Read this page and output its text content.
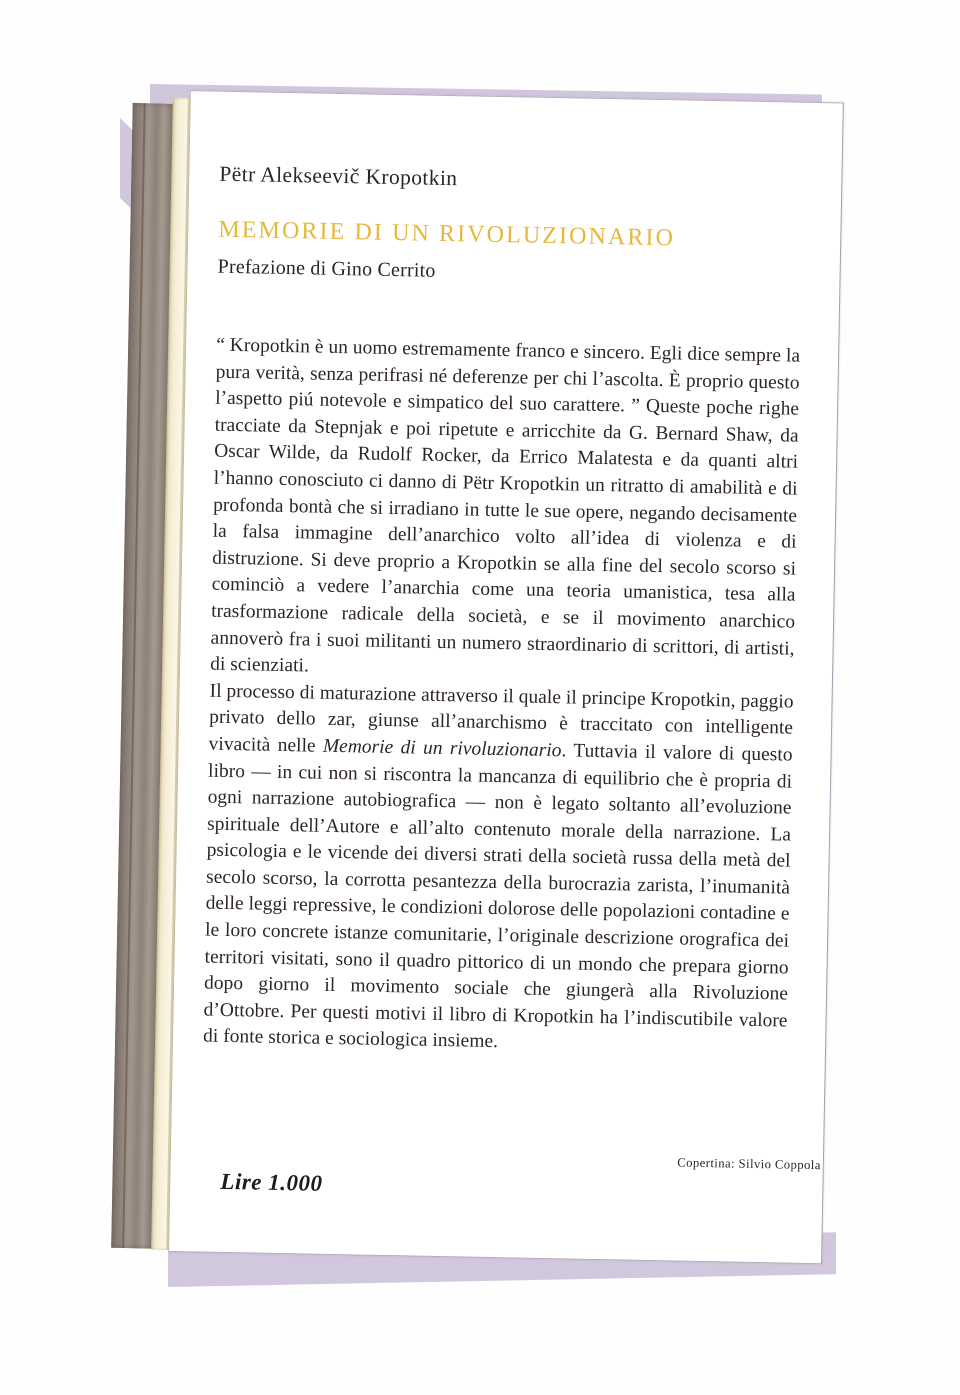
Pëtr Alekseevič Kropotkin
MEMORIE DI UN RIVOLUZIONARIO
Prefazione di Gino Cerrito

“ Kropotkin è un uomo estremamente franco e sincero. Egli dice sempre la pura verità, senza perifrasi né deferenze per chi l’ascolta. È proprio questo l’aspetto piú notevole e simpatico del suo carattere. ” Queste poche righe tracciate da Stepnjak e poi ripetute e arricchite da G. Bernard Shaw, da Oscar Wilde, da Rudolf Rocker, da Errico Malatesta e da quanti altri l’hanno conosciuto ci danno di Pëtr Kropotkin un ritratto di amabilità e di profonda bontà che si irradiano in tutte le sue opere, negando decisamente la falsa immagine dell’anarchico volto all’idea di violenza e di distruzione. Si deve proprio a Kropotkin se alla fine del secolo scorso si cominciò a vedere l’anarchia come una teoria umanistica, tesa alla trasformazione radicale della società, e se il movimento anarchico annoverò fra i suoi militanti un numero straordinario di scrittori, di artisti, di scienziati.

Il processo di maturazione attraverso il quale il principe Kropotkin, paggio privato dello zar, giunse all’anarchismo è traccitato con intelligente vivacità nelle Memorie di un rivoluzionario. Tuttavia il valore di questo libro — in cui non si riscontra la mancanza di equilibrio che è propria di ogni narrazione autobiografica — non è legato soltanto all’evoluzione spirituale dell’Autore e all’alto contenuto morale della narrazione. La psicologia e le vicende dei diversi strati della società russa della metà del secolo scorso, la corrotta pesantezza della burocrazia zarista, l’inumanità delle leggi repressive, le condizioni dolorose delle popolazioni contadine e le loro concrete istanze comunitarie, l’originale descrizione orografica dei territori visitati, sono il quadro pittorico di un mondo che prepara giorno dopo giorno il movimento sociale che giungerà alla Rivoluzione d’Ottobre. Per questi motivi il libro di Kropotkin ha l’indiscutibile valore di fonte storica e sociologica insieme.

Lire 1.000
Copertina: Silvio Coppola
